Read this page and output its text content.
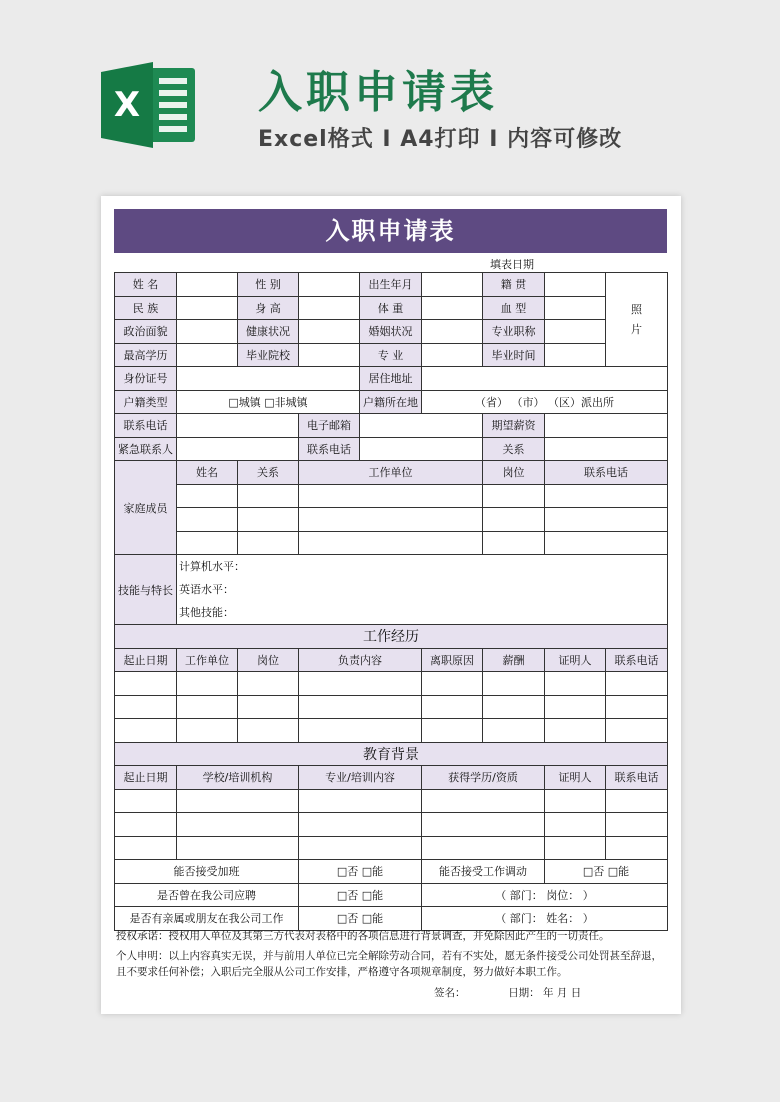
X	入职申请表
Excel格式 I A4打印 I 内容可修改
入职申请表
填表日期
姓 名		性 别		出生年月		籍 贯		照
片
民 族		身 高		体 重		血 型		
政治面貌		健康状况		婚姻状况		专业职称		
最高学历		毕业院校		专 业		毕业时间		
身份证号				居住地址				
户籍类型	□城镇 □非城镇			户籍所在地	（省） （市） （区）派出所			
联系电话			电子邮箱			期望薪资		
紧急联系人			联系电话			关系		
家庭成员	姓名	关系	工作单位			岗位	联系电话	

技能与特长	计算机水平：
英语水平：
其他技能：							

工作经历								
起止日期	工作单位	岗位	负责内容		离职原因	薪酬	证明人	联系电话

教育背景								
起止日期	学校/培训机构		专业/培训内容		获得学历/资质		证明人	联系电话

能否接受加班			□否 □能		能否接受工作调动		□否 □能	
是否曾在我公司应聘			□否 □能		（ 部门： 岗位： ）			
是否有亲属或朋友在我公司工作			□否 □能		（ 部门： 姓名： ）			
授权承诺：授权用人单位及其第三方代表对表格中的各项信息进行背景调查，并免除因此产生的一切责任。
个人申明：以上内容真实无误，并与前用人单位已完全解除劳动合同，若有不实处，愿无条件接受公司处罚甚至辞退，且不要求任何补偿；入职后完全服从公司工作安排，严格遵守各项规章制度，努力做好本职工作。
签名：	日期： 年 月 日
